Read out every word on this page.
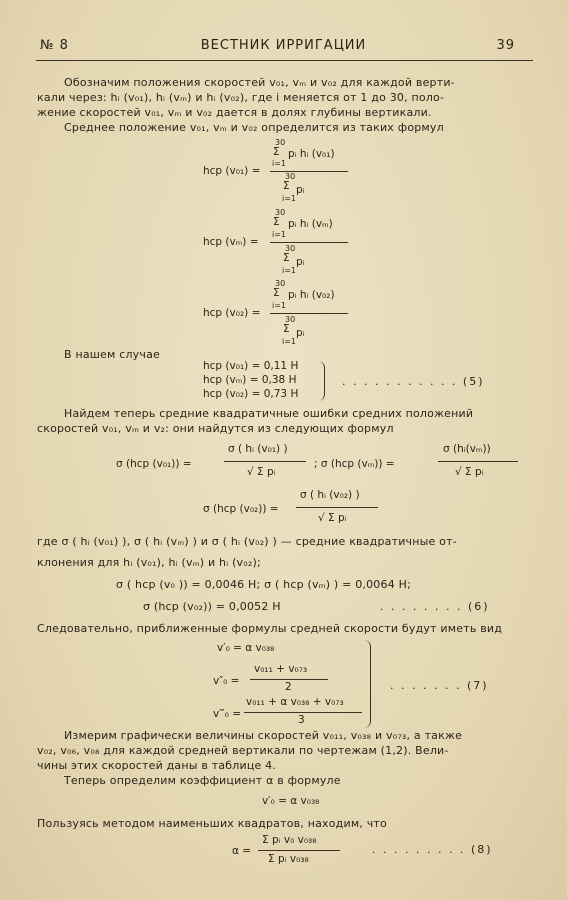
№ 8	ВЕСТНИК ИРРИГАЦИИ	39
Обозначим положения скоростей v₀₁, vₘ и v₀₂ для каждой верти-
кали через: hᵢ (v₀₁), hᵢ (vₘ) и hᵢ (v₀₂), где i меняется от 1 до 30, поло-
жение скоростей v₀₁, vₘ и v₀₂ дается в долях глубины вертикали.
Среднее положение v₀₁, vₘ и v₀₂ определится из таких формул
hcp (v₀₁) =
30
Σ
i=1
pᵢ hᵢ (v₀₁)
30
Σ
i=1
pᵢ
hcp (vₘ) =
30
Σ
i=1
pᵢ hᵢ (vₘ)
30
Σ
i=1
pᵢ
hcp (v₀₂) =
30
Σ
i=1
pᵢ hᵢ (v₀₂)
30
Σ
i=1
pᵢ
В нашем случае
hcp (v₀₁) = 0,11 H
hcp (vₘ) = 0,38 H
hcp (v₀₂) = 0,73 H
. . . . . . . . . . . (5)
Найдем теперь средние квадратичные ошибки средних положений
скоростей v₀₁, vₘ и v₂: они найдутся из следующих формул
σ (hcp (v₀₁)) =
σ ( hᵢ (v₀₁) )
√ Σ pᵢ
; σ (hcp (vₘ)) =
σ (hᵢ(vₘ))
√ Σ pᵢ
σ (hcp (v₀₂)) =
σ ( hᵢ (v₀₂) )
√ Σ pᵢ
где σ ( hᵢ (v₀₁) ), σ ( hᵢ (vₘ) ) и σ ( hᵢ (v₀₂) ) — средние квадратичные от-
клонения для hᵢ (v₀₁), hᵢ (vₘ) и hᵢ (v₀₂);
σ ( hcp (v₀ )) = 0,0046 H; σ ( hcp (vₘ) ) = 0,0064 H;
σ (hcp (v₀₂)) = 0,0052 H	. . . . . . . . (6)
Следовательно, приближенные формулы средней скорости будут иметь вид
v′₀ = α v₀₃₈
v″₀ =
v₀₁₁ + v₀₇₃
2
v‴₀ =
v₀₁₁ + α v₀₃₈ + v₀₇₃
3
. . . . . . . (7)
Измерим графически величины скоростей v₀₁₁, v₀₃₈ и v₀₇₃, а также
v₀₂, v₀₆, v₀₈ для каждой средней вертикали по чертежам (1,2). Вели-
чины этих скоростей даны в таблице 4.
Теперь определим коэффициент α в формуле
v′₀ = α v₀₃₈
Пользуясь методом наименьших квадратов, находим, что
α =
Σ pᵢ v₀ v₀₃₈
Σ pᵢ v₀₃₈
. . . . . . . . . (8)
